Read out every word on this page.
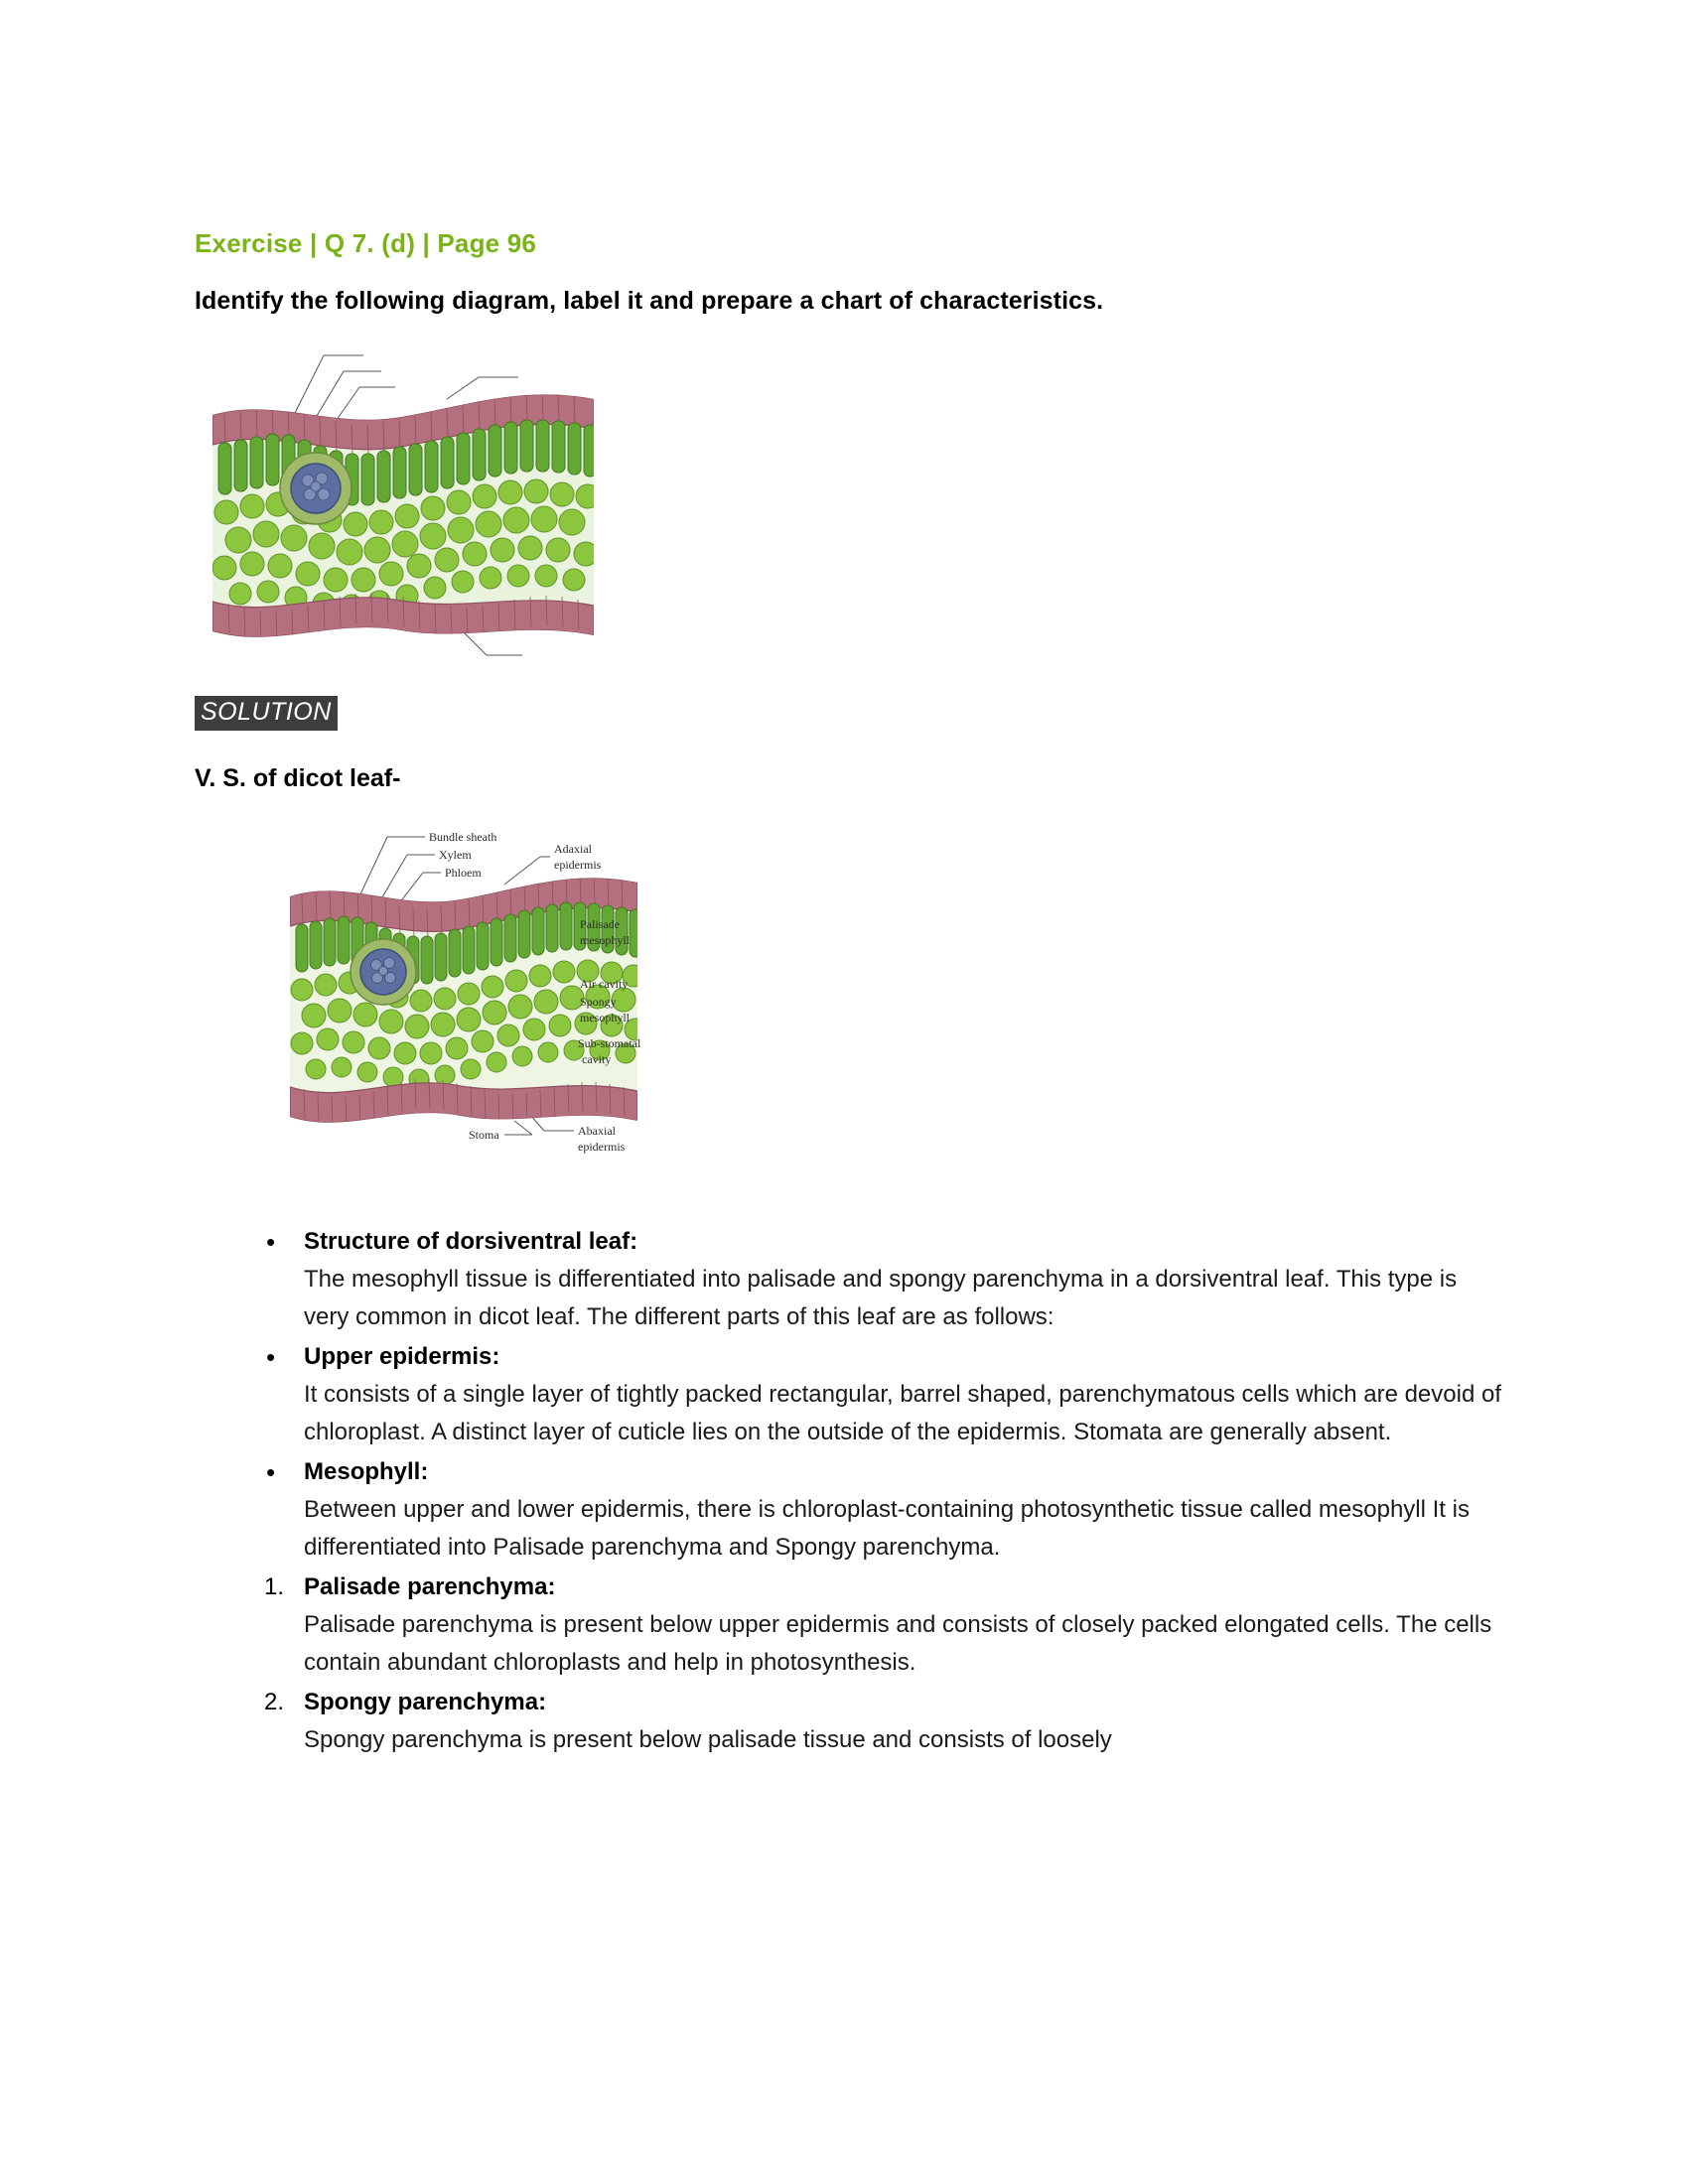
Exercise | Q 7. (d) | Page 96
Identify the following diagram, label it and prepare a chart of characteristics.
SOLUTION
V. S. of dicot leaf-
Bundle sheath
Xylem
Phloem
Adaxial
epidermis
Palisade
mesophyll
Air cavity
Spongy
mesophyll
Sub-stomatal
cavity
Stoma	Abaxial
epidermis
•	Structure of dorsiventral leaf:
The mesophyll tissue is differentiated into palisade and spongy parenchyma in a dorsiventral leaf. This type is very common in dicot leaf. The different parts of this leaf are as follows:
•	Upper epidermis:
It consists of a single layer of tightly packed rectangular, barrel shaped, parenchymatous cells which are devoid of chloroplast. A distinct layer of cuticle lies on the outside of the epidermis. Stomata are generally absent.
•	Mesophyll:
Between upper and lower epidermis, there is chloroplast-containing photosynthetic tissue called mesophyll It is differentiated into Palisade parenchyma and Spongy parenchyma.
1. Palisade parenchyma:
Palisade parenchyma is present below upper epidermis and consists of closely packed elongated cells. The cells contain abundant chloroplasts and help in photosynthesis.
2. Spongy parenchyma:
Spongy parenchyma is present below palisade tissue and consists of loosely
